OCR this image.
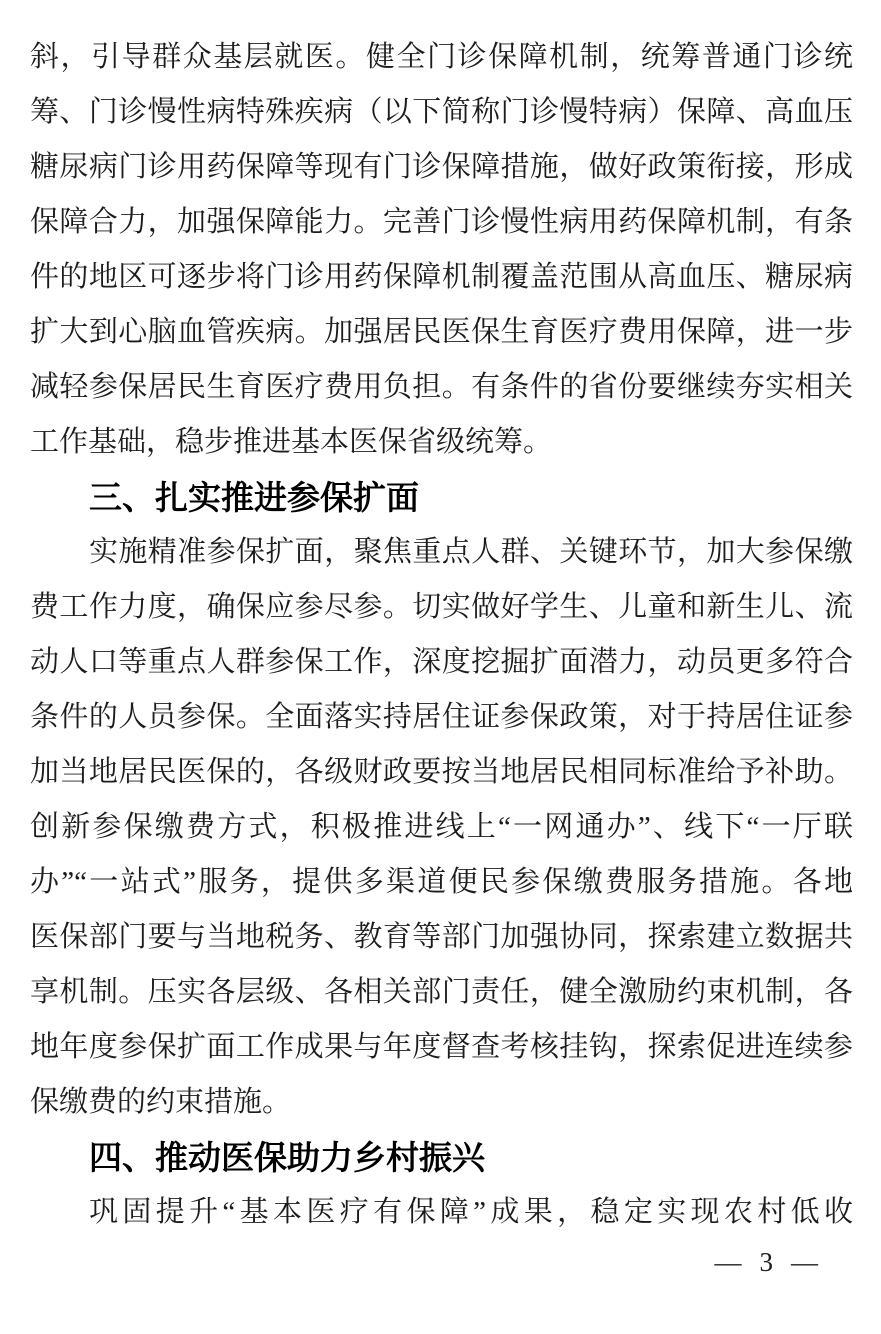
斜，引导群众基层就医。健全门诊保障机制，统筹普通门诊统

筹、门诊慢性病特殊疾病（以下简称门诊慢特病）保障、高血压

糖尿病门诊用药保障等现有门诊保障措施，做好政策衔接，形成

保障合力，加强保障能力。完善门诊慢性病用药保障机制，有条

件的地区可逐步将门诊用药保障机制覆盖范围从高血压、糖尿病

扩大到心脑血管疾病。加强居民医保生育医疗费用保障，进一步

减轻参保居民生育医疗费用负担。有条件的省份要继续夯实相关

工作基础，稳步推进基本医保省级统筹。

三、扎实推进参保扩面

实施精准参保扩面，聚焦重点人群、关键环节，加大参保缴

费工作力度，确保应参尽参。切实做好学生、儿童和新生儿、流

动人口等重点人群参保工作，深度挖掘扩面潜力，动员更多符合

条件的人员参保。全面落实持居住证参保政策，对于持居住证参

加当地居民医保的，各级财政要按当地居民相同标准给予补助。

创新参保缴费方式，积极推进线上“一网通办”、线下“一厅联

办”“一站式”服务，提供多渠道便民参保缴费服务措施。各地

医保部门要与当地税务、教育等部门加强协同，探索建立数据共

享机制。压实各层级、各相关部门责任，健全激励约束机制，各

地年度参保扩面工作成果与年度督查考核挂钩，探索促进连续参

保缴费的约束措施。

四、推动医保助力乡村振兴

巩固提升“基本医疗有保障”成果，稳定实现农村低收

— 3 —
